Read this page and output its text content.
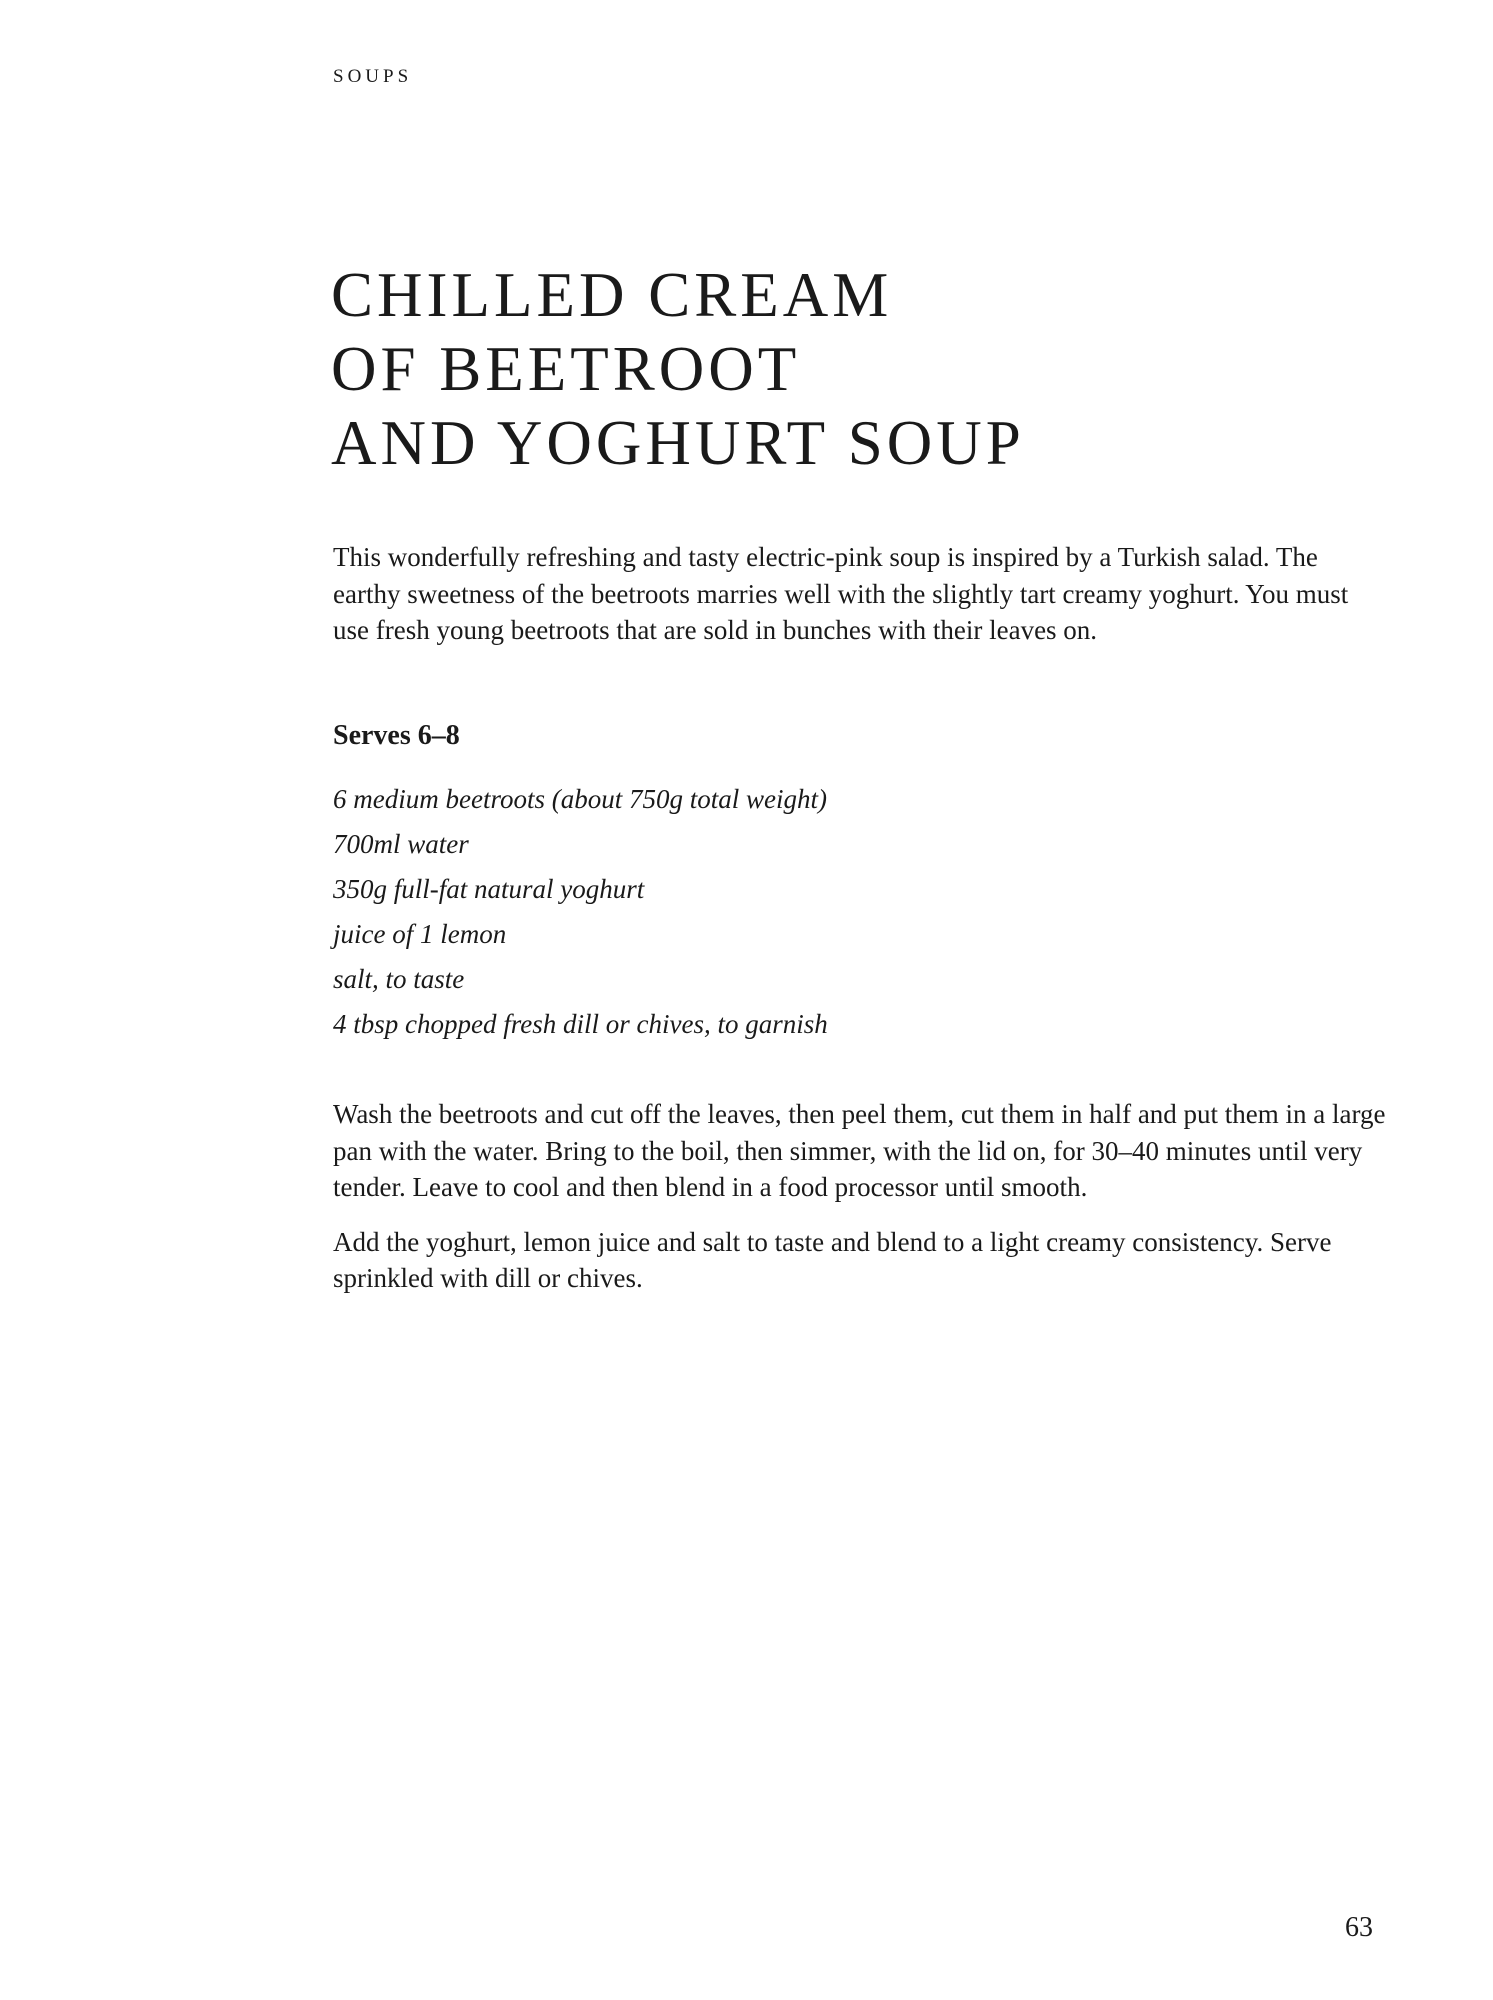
SOUPS

CHILLED CREAM
OF BEETROOT
AND YOGHURT SOUP

This wonderfully refreshing and tasty electric-pink soup is inspired by a Turkish salad. The earthy sweetness of the beetroots marries well with the slightly tart creamy yoghurt. You must use fresh young beetroots that are sold in bunches with their leaves on.

Serves 6–8

6 medium beetroots (about 750g total weight)
700ml water
350g full-fat natural yoghurt
juice of 1 lemon
salt, to taste
4 tbsp chopped fresh dill or chives, to garnish

Wash the beetroots and cut off the leaves, then peel them, cut them in half and put them in a large pan with the water. Bring to the boil, then simmer, with the lid on, for 30–40 minutes until very tender. Leave to cool and then blend in a food processor until smooth.

Add the yoghurt, lemon juice and salt to taste and blend to a light creamy consistency. Serve sprinkled with dill or chives.

63
